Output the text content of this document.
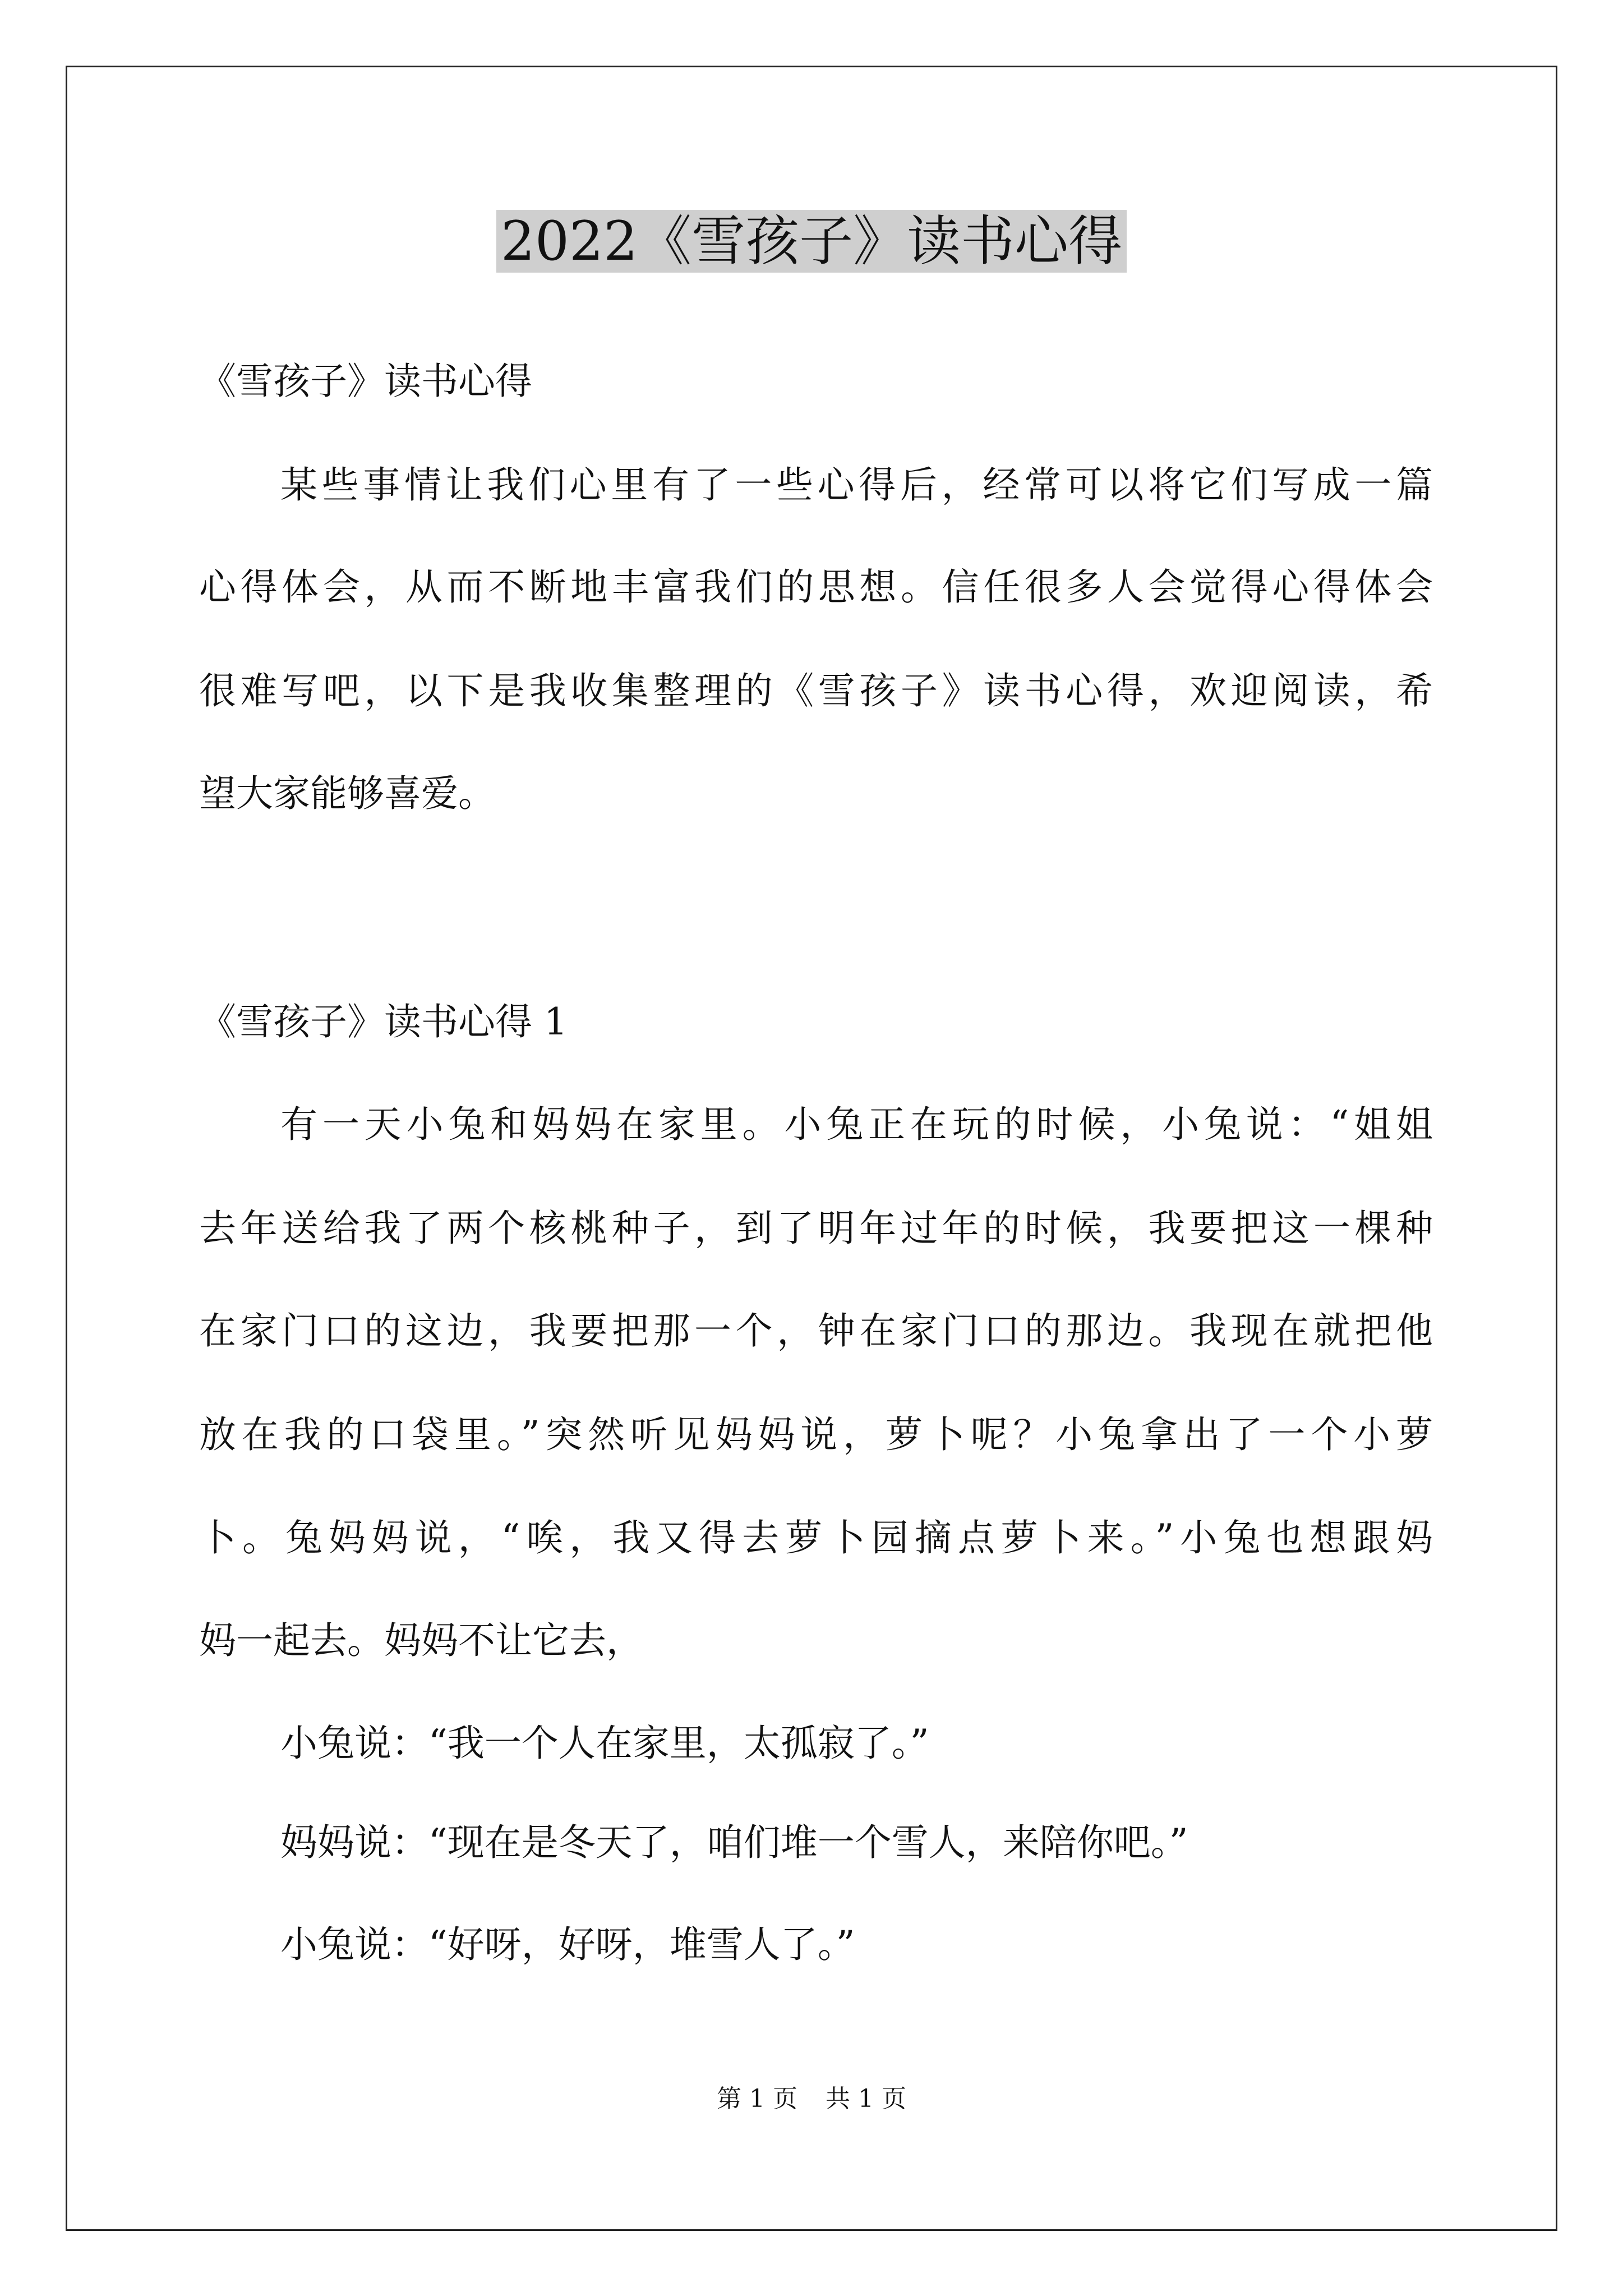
2022《雪孩子》读书心得

《雪孩子》读书心得

某些事情让我们心里有了一些心得后，经常可以将它们写成一篇

心得体会，从而不断地丰富我们的思想。信任很多人会觉得心得体会

很难写吧，以下是我收集整理的《雪孩子》读书心得，欢迎阅读，希

望大家能够喜爱。

《雪孩子》读书心得 1

有一天小兔和妈妈在家里。小兔正在玩的时候，小兔说：“姐姐

去年送给我了两个核桃种子，到了明年过年的时候，我要把这一棵种

在家门口的这边，我要把那一个，钟在家门口的那边。我现在就把他

放在我的口袋里。”突然听见妈妈说，萝卜呢？小兔拿出了一个小萝

卜。兔妈妈说，“唉，我又得去萝卜园摘点萝卜来。”小兔也想跟妈

妈一起去。妈妈不让它去，

小兔说：“我一个人在家里，太孤寂了。”

妈妈说：“现在是冬天了，咱们堆一个雪人，来陪你吧。”

小兔说：“好呀，好呀，堆雪人了。”

第 1 页 共 1 页
